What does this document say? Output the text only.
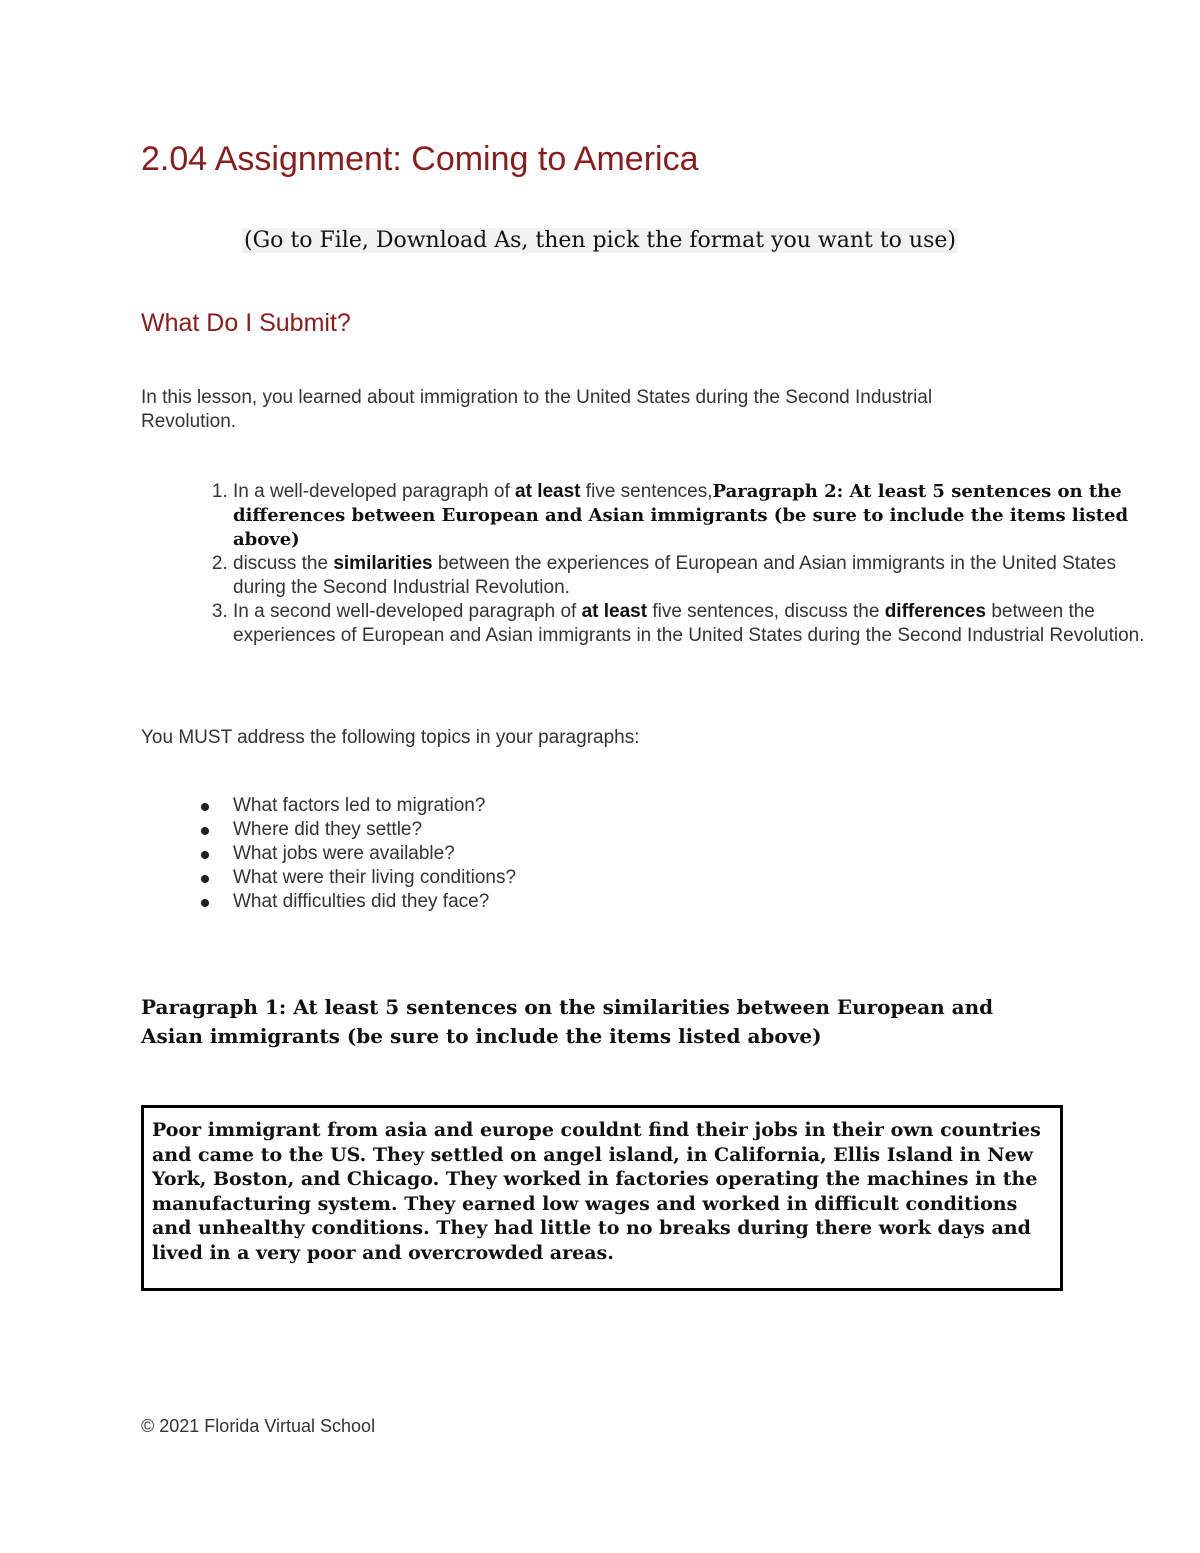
2.04 Assignment: Coming to America
(Go to File, Download As, then pick the format you want to use)
What Do I Submit?

In this lesson, you learned about immigration to the United States during the Second Industrial Revolution.

1. In a well-developed paragraph of at least five sentences,Paragraph 2: At least 5 sentences on the differences between European and Asian immigrants (be sure to include the items listed above)
2. discuss the similarities between the experiences of European and Asian immigrants in the United States during the Second Industrial Revolution.
3. In a second well-developed paragraph of at least five sentences, discuss the differences between the experiences of European and Asian immigrants in the United States during the Second Industrial Revolution.

You MUST address the following topics in your paragraphs:

What factors led to migration?
Where did they settle?
What jobs were available?
What were their living conditions?
What difficulties did they face?

Paragraph 1: At least 5 sentences on the similarities between European and Asian immigrants (be sure to include the items listed above)

Poor immigrant from asia and europe couldnt find their jobs in their own countries and came to the US. They settled on angel island, in California, Ellis Island in New York, Boston, and Chicago. They worked in factories operating the machines in the manufacturing system. They earned low wages and worked in difficult conditions and unhealthy conditions. They had little to no breaks during there work days and lived in a very poor and overcrowded areas.

© 2021 Florida Virtual School
